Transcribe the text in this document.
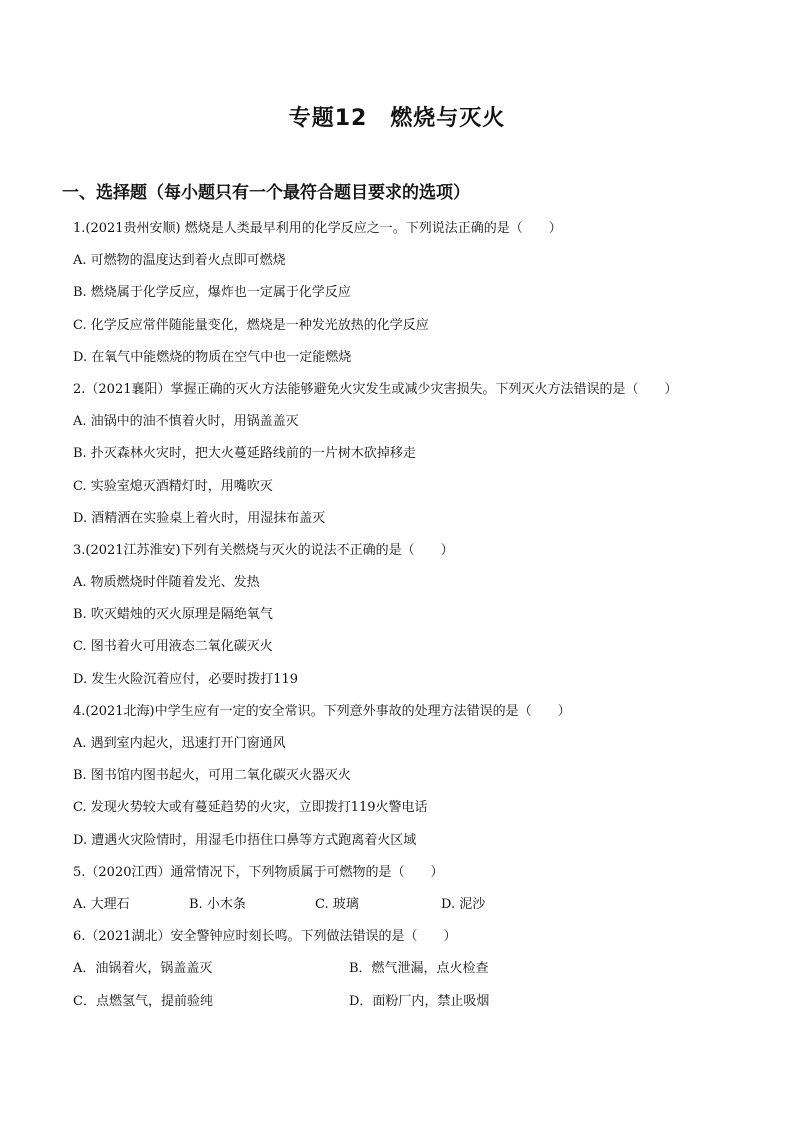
专题12　燃烧与灭火
一、选择题（每小题只有一个最符合题目要求的选项）
1.(2021贵州安顺) 燃烧是人类最早利用的化学反应之一。下列说法正确的是（　　）
A. 可燃物的温度达到着火点即可燃烧
B. 燃烧属于化学反应，爆炸也一定属于化学反应
C. 化学反应常伴随能量变化，燃烧是一种发光放热的化学反应
D. 在氧气中能燃烧的物质在空气中也一定能燃烧
2.（2021襄阳）掌握正确的灭火方法能够避免火灾发生或减少灾害损失。下列灭火方法错误的是（　　）
A. 油锅中的油不慎着火时，用锅盖盖灭
B. 扑灭森林火灾时，把大火蔓延路线前的一片树木砍掉移走
C. 实验室熄灭酒精灯时，用嘴吹灭
D. 酒精洒在实验桌上着火时，用湿抹布盖灭
3.(2021江苏淮安)下列有关燃烧与灭火的说法不正确的是（　　）
A. 物质燃烧时伴随着发光、发热
B. 吹灭蜡烛的灭火原理是隔绝氧气
C. 图书着火可用液态二氧化碳灭火
D. 发生火险沉着应付，必要时拨打119
4.(2021北海)中学生应有一定的安全常识。下列意外事故的处理方法错误的是（　　）
A. 遇到室内起火，迅速打开门窗通风
B. 图书馆内图书起火，可用二氧化碳灭火器灭火
C. 发现火势较大或有蔓延趋势的火灾，立即拨打119火警电话
D. 遭遇火灾险情时，用湿毛巾捂住口鼻等方式跑离着火区域
5.（2020江西）通常情况下，下列物质属于可燃物的是（　　）
A. 大理石	B. 小木条	C. 玻璃	D. 泥沙
6.（2021湖北）安全警钟应时刻长鸣。下列做法错误的是（　　）
A．油锅着火，锅盖盖灭	B．燃气泄漏，点火检查
C．点燃氢气，提前验纯	D．面粉厂内，禁止吸烟
